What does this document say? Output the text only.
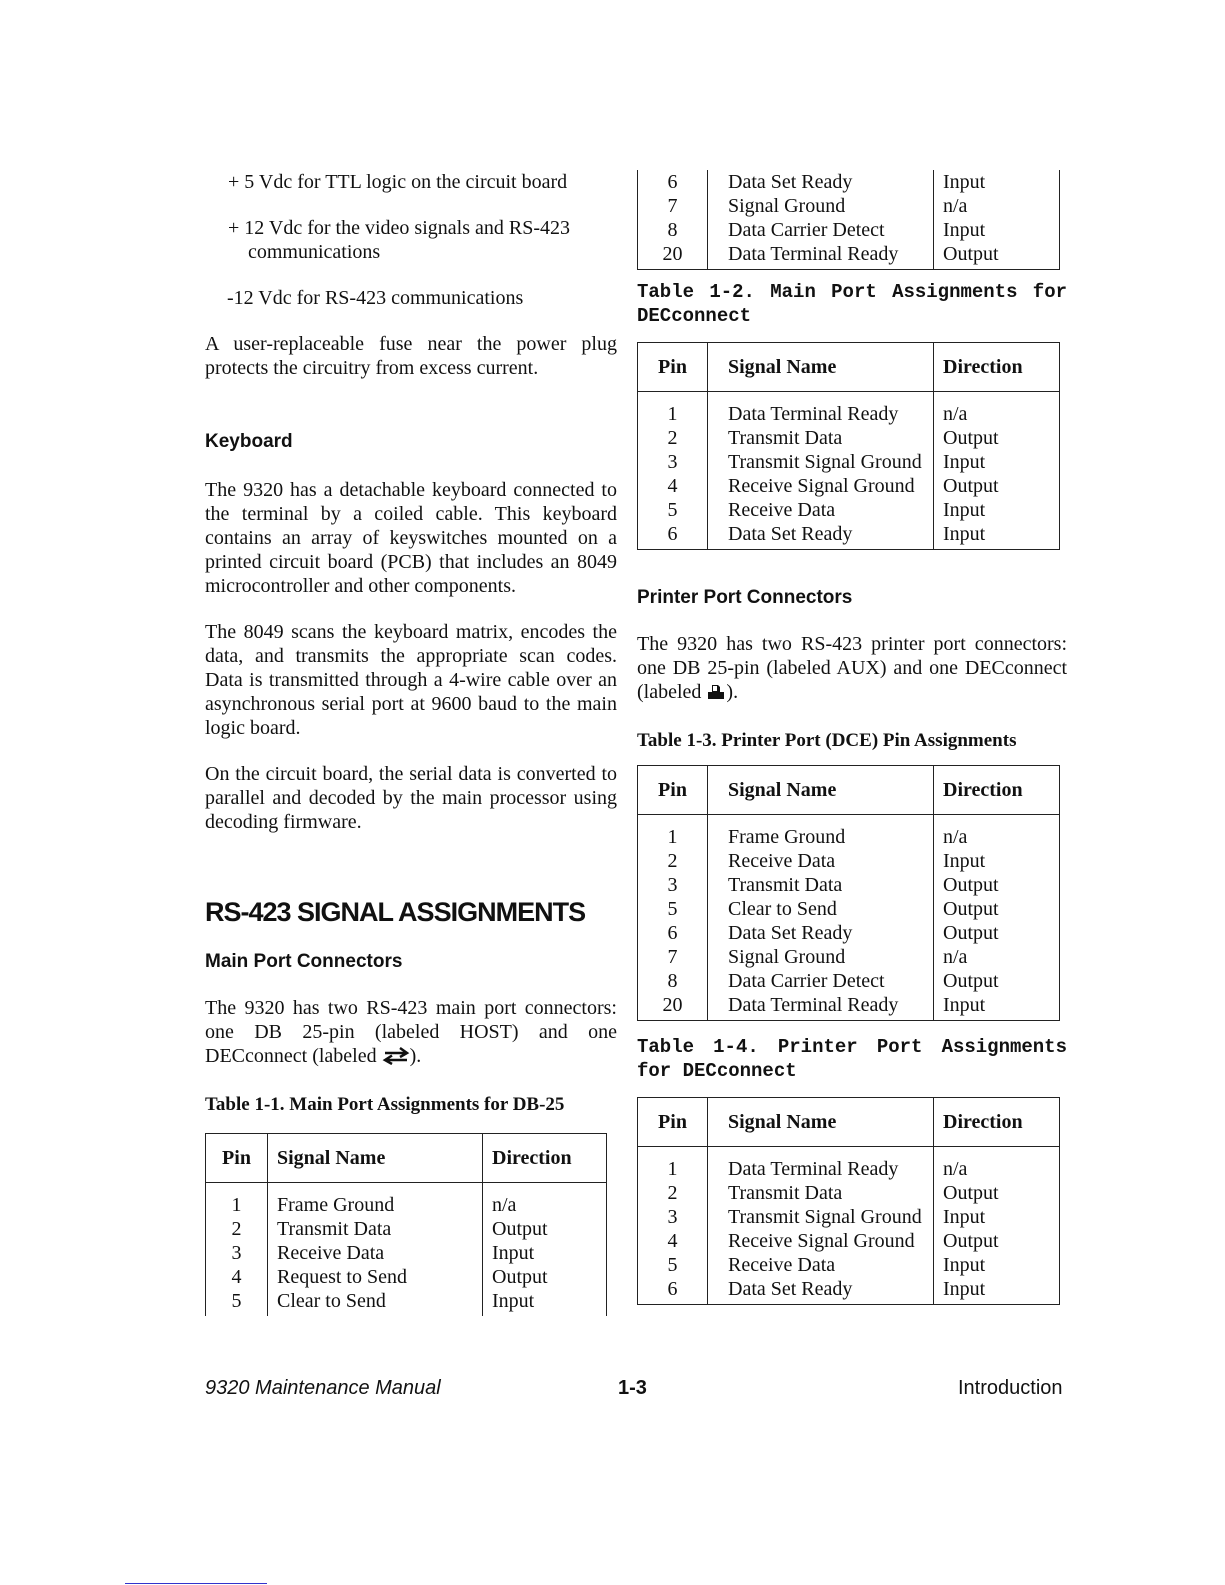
+ 5 Vdc for TTL logic on the circuit board

+ 12 Vdc for the video signals and RS-423 communications

-12 Vdc for RS-423 communications

A user-replaceable fuse near the power plug protects the circuitry from excess current.

Keyboard

The 9320 has a detachable keyboard connected to the terminal by a coiled cable. This keyboard contains an array of keyswitches mounted on a printed circuit board (PCB) that includes an 8049 microcontroller and other components.

The 8049 scans the keyboard matrix, encodes the data, and transmits the appropriate scan codes. Data is transmitted through a 4-wire cable over an asynchronous serial port at 9600 baud to the main logic board.

On the circuit board, the serial data is converted to parallel and decoded by the main processor using decoding firmware.

RS-423 SIGNAL ASSIGNMENTS

Main Port Connectors

The 9320 has two RS-423 main port connectors: one DB 25-pin (labeled HOST) and one DECconnect (labeled ).

Table 1-1. Main Port Assignments for DB-25

Pin	Signal Name	Direction
1	Frame Ground	n/a
2	Transmit Data	Output
3	Receive Data	Input
4	Request to Send	Output
5	Clear to Send	Input
6	Data Set Ready	Input
7	Signal Ground	n/a
8	Data Carrier Detect	Input
20	Data Terminal Ready	Output

Table 1-2. Main Port Assignments for DECconnect

Pin	Signal Name	Direction
1	Data Terminal Ready	n/a
2	Transmit Data	Output
3	Transmit Signal Ground	Input
4	Receive Signal Ground	Output
5	Receive Data	Input
6	Data Set Ready	Input

Printer Port Connectors

The 9320 has two RS-423 printer port connectors: one DB 25-pin (labeled AUX) and one DECconnect (labeled ).

Table 1-3. Printer Port (DCE) Pin Assignments

Pin	Signal Name	Direction
1	Frame Ground	n/a
2	Receive Data	Input
3	Transmit Data	Output
5	Clear to Send	Output
6	Data Set Ready	Output
7	Signal Ground	n/a
8	Data Carrier Detect	Output
20	Data Terminal Ready	Input

Table 1-4. Printer Port Assignments for DECconnect

Pin	Signal Name	Direction
1	Data Terminal Ready	n/a
2	Transmit Data	Output
3	Transmit Signal Ground	Input
4	Receive Signal Ground	Output
5	Receive Data	Input
6	Data Set Ready	Input
9320 Maintenance Manual	1-3	Introduction
